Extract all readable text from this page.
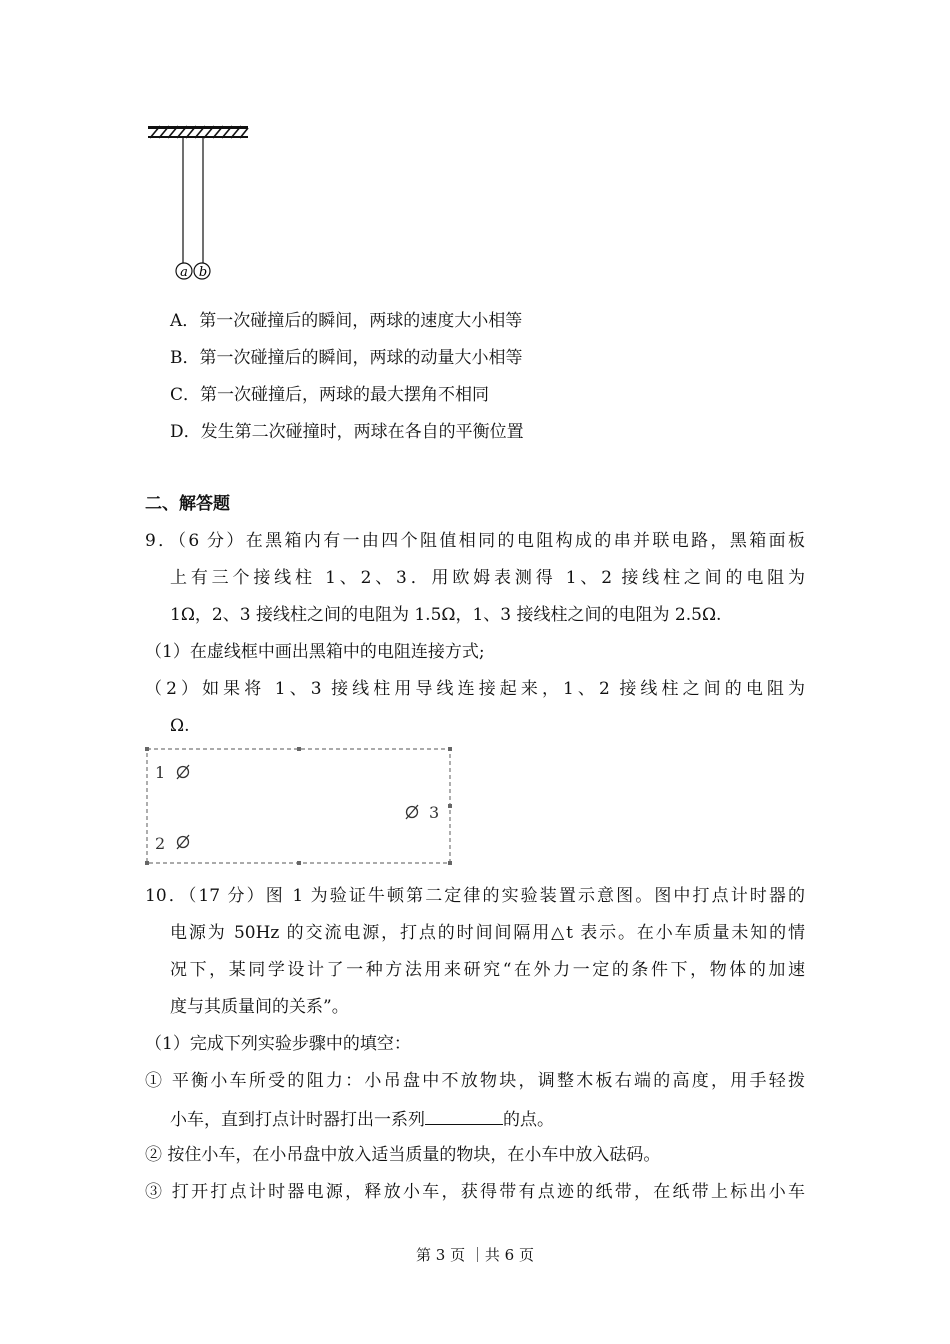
a b
A．第一次碰撞后的瞬间，两球的速度大小相等
B．第一次碰撞后的瞬间，两球的动量大小相等
C．第一次碰撞后，两球的最大摆角不相同
D．发生第二次碰撞时，两球在各自的平衡位置
二、解答题
9．（6 分）在黑箱内有一由四个阻值相同的电阻构成的串并联电路，黑箱面板
上有三个接线柱 1、2、3．用欧姆表测得 1、2 接线柱之间的电阻为
1Ω，2、3 接线柱之间的电阻为 1.5Ω，1、3 接线柱之间的电阻为 2.5Ω.
（1）在虚线框中画出黑箱中的电阻连接方式;
（2）如果将 1、3 接线柱用导线连接起来，1、2 接线柱之间的电阻为
Ω.
1
2
3
10．（17 分）图 1 为验证牛顿第二定律的实验装置示意图。图中打点计时器的
电源为 50Hz 的交流电源，打点的时间间隔用△t 表示。在小车质量未知的情
况下，某同学设计了一种方法用来研究“在外力一定的条件下，物体的加速
度与其质量间的关系”。
（1）完成下列实验步骤中的填空：
① 平衡小车所受的阻力：小吊盘中不放物块，调整木板右端的高度，用手轻拨
小车，直到打点计时器打出一系列	的点。
② 按住小车，在小吊盘中放入适当质量的物块，在小车中放入砝码。
③ 打开打点计时器电源，释放小车，获得带有点迹的纸带，在纸带上标出小车
第 3 页 ｜共 6 页
